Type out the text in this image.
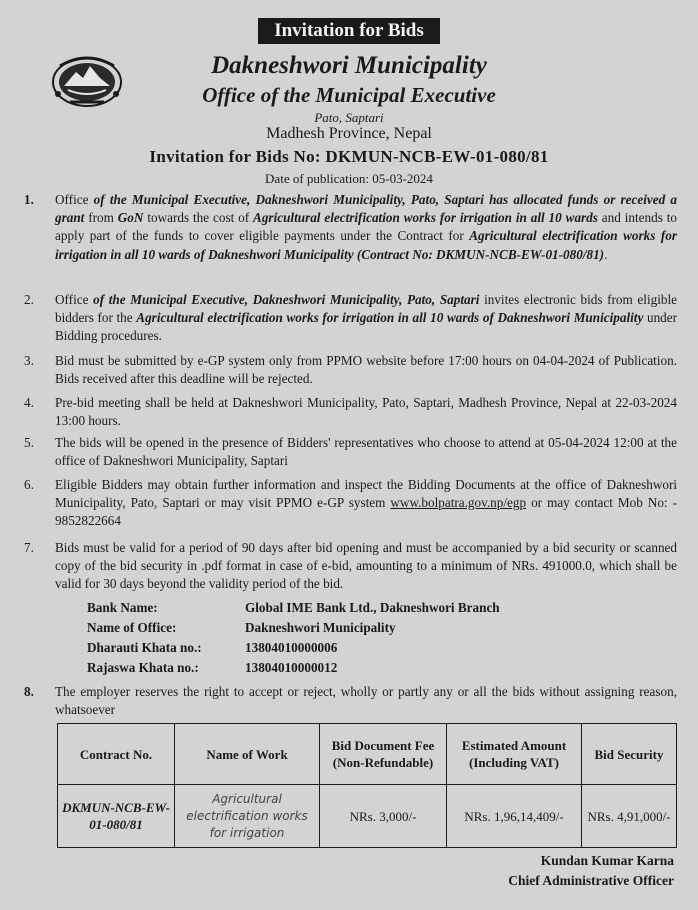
Invitation for Bids
Dakneshwori Municipality
Office of the Municipal Executive
Pato, Saptari
Madhesh Province, Nepal
Invitation for Bids No: DKMUN-NCB-EW-01-080/81
Date of publication: 05-03-2024
1. Office of the Municipal Executive, Dakneshwori Municipality, Pato, Saptari has allocated funds or received a grant from GoN towards the cost of Agricultural electrification works for irrigation in all 10 wards and intends to apply part of the funds to cover eligible payments under the Contract for Agricultural electrification works for irrigation in all 10 wards of Dakneshwori Municipality (Contract No: DKMUN-NCB-EW-01-080/81).
2. Office of the Municipal Executive, Dakneshwori Municipality, Pato, Saptari invites electronic bids from eligible bidders for the Agricultural electrification works for irrigation in all 10 wards of Dakneshwori Municipality under Bidding procedures.
3. Bid must be submitted by e-GP system only from PPMO website before 17:00 hours on 04-04-2024 of Publication. Bids received after this deadline will be rejected.
4. Pre-bid meeting shall be held at Dakneshwori Municipality, Pato, Saptari, Madhesh Province, Nepal at 22-03-2024 13:00 hours.
5. The bids will be opened in the presence of Bidders' representatives who choose to attend at 05-04-2024 12:00 at the office of Dakneshwori Municipality, Saptari
6. Eligible Bidders may obtain further information and inspect the Bidding Documents at the office of Dakneshwori Municipality, Pato, Saptari or may visit PPMO e-GP system www.bolpatra.gov.np/egp or may contact Mob No: - 9852822664
7. Bids must be valid for a period of 90 days after bid opening and must be accompanied by a bid security or scanned copy of the bid security in .pdf format in case of e-bid, amounting to a minimum of NRs. 491000.0, which shall be valid for 30 days beyond the validity period of the bid.
Bank Name:	Global IME Bank Ltd., Dakneshwori Branch
Name of Office:	Dakneshwori Municipality
Dharauti Khata no.:	13804010000006
Rajaswa Khata no.:	13804010000012
8. The employer reserves the right to accept or reject, wholly or partly any or all the bids without assigning reason, whatsoever
Contract No.	Name of Work	Bid Document Fee (Non-Refundable)	Estimated Amount (Including VAT)	Bid Security
DKMUN-NCB-EW-01-080/81	Agricultural electrification works for irrigation	NRs. 3,000/-	NRs. 1,96,14,409/-	NRs. 4,91,000/-
Kundan Kumar Karna
Chief Administrative Officer
